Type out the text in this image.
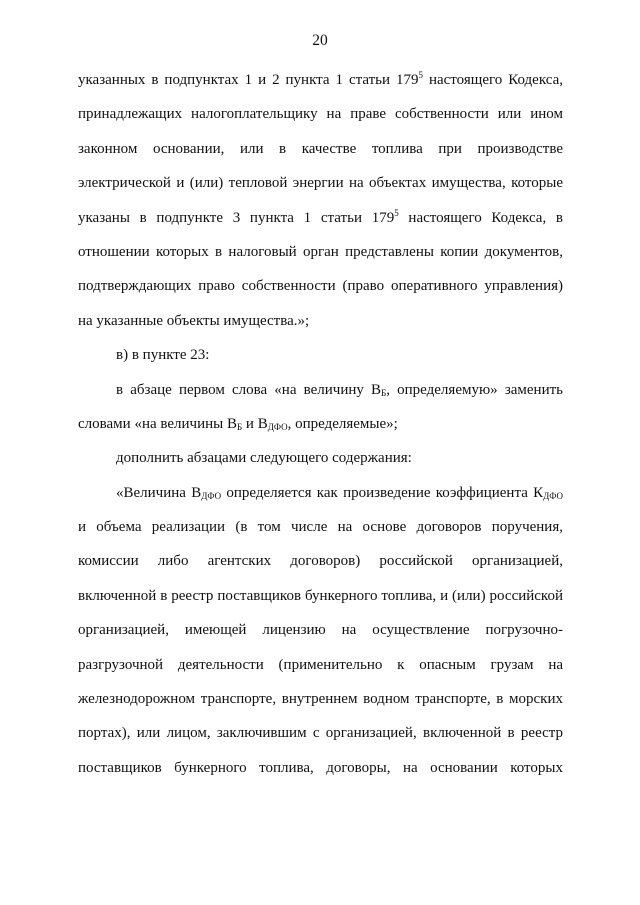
20
указанных в подпунктах 1 и 2 пункта 1 статьи $179^5$ настоящего Кодекса,
принадлежащих налогоплательщику на праве собственности или ином
законном основании, или в качестве топлива при производстве
электрической и (или) тепловой энергии на объектах имущества, которые
указаны в подпункте 3 пункта 1 статьи $179^5$ настоящего Кодекса, в
отношении которых в налоговый орган представлены копии документов,
подтверждающих право собственности (право оперативного управления)
на указанные объекты имущества.»;
в) в пункте 23:
в абзаце первом слова «на величину $В_Б$, определяемую» заменить
словами «на величины $В_Б$ и $В_{ДФО}$, определяемые»;
дополнить абзацами следующего содержания:
«Величина $В_{ДФО}$ определяется как произведение коэффициента $К_{ДФО}$
и объема реализации (в том числе на основе договоров поручения,
комиссии либо агентских договоров) российской организацией,
включенной в реестр поставщиков бункерного топлива, и (или) российской
организацией, имеющей лицензию на осуществление погрузочно-
разгрузочной деятельности (применительно к опасным грузам на
железнодорожном транспорте, внутреннем водном транспорте, в морских
портах), или лицом, заключившим с организацией, включенной в реестр
поставщиков бункерного топлива, договоры, на основании которых
